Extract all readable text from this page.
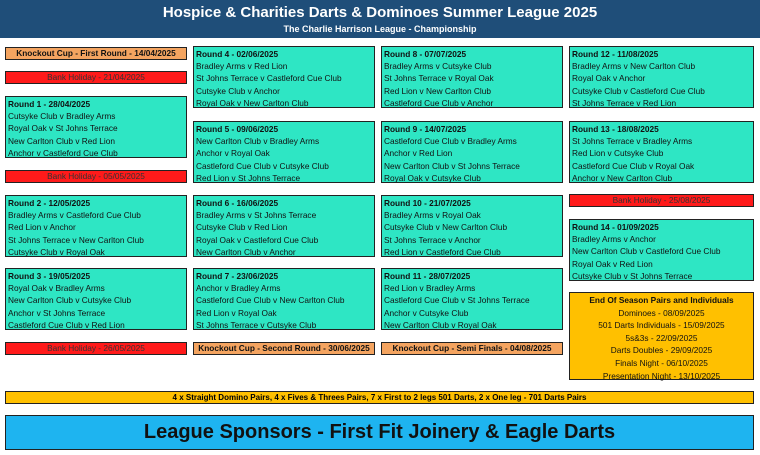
Hospice & Charities Darts & Dominoes Summer League 2025
The Charlie Harrison League - Championship
Knockout Cup - First Round - 14/04/2025
Bank Holiday - 21/04/2025
Round 1 - 28/04/2025
Cutsyke Club v Bradley Arms
Royal Oak v St Johns Terrace
New Carlton Club v Red Lion
Anchor v Castleford Cue Club
Bank Holiday - 05/05/2025
Round 2 - 12/05/2025
Bradley Arms v Castleford Cue Club
Red Lion v Anchor
St Johns Terrace v New Carlton Club
Cutsyke Club v Royal Oak
Round 3 - 19/05/2025
Royal Oak v Bradley Arms
New Carlton Club v Cutsyke Club
Anchor v St Johns Terrace
Castleford Cue Club v Red Lion
Bank Holiday - 26/05/2025
Round 4 - 02/06/2025
Bradley Arms v Red Lion
St Johns Terrace v Castleford Cue Club
Cutsyke Club v Anchor
Royal Oak v New Carlton Club
Round 5 - 09/06/2025
New Carlton Club v Bradley Arms
Anchor v Royal Oak
Castleford Cue Club v Cutsyke Club
Red Lion v St Johns Terrace
Round 6 - 16/06/2025
Bradley Arms v St Johns Terrace
Cutsyke Club v Red Lion
Royal Oak v Castleford Cue Club
New Carlton Club v Anchor
Round 7 - 23/06/2025
Anchor v Bradley Arms
Castleford Cue Club v New Carlton Club
Red Lion v Royal Oak
St Johns Terrace v Cutsyke Club
Knockout Cup - Second Round - 30/06/2025
Round 8 - 07/07/2025
Bradley Arms v Cutsyke Club
St Johns Terrace v Royal Oak
Red Lion v New Carlton Club
Castleford Cue Club v Anchor
Round 9 - 14/07/2025
Castleford Cue Club v Bradley Arms
Anchor v Red Lion
New Carlton Club v St Johns Terrace
Royal Oak v Cutsyke Club
Round 10 - 21/07/2025
Bradley Arms v Royal Oak
Cutsyke Club v New Carlton Club
St Johns Terrace v Anchor
Red Lion v Castleford Cue Club
Round 11 - 28/07/2025
Red Lion v Bradley Arms
Castleford Cue Club v St Johns Terrace
Anchor v Cutsyke Club
New Carlton Club v Royal Oak
Knockout Cup - Semi Finals - 04/08/2025
Round 12 - 11/08/2025
Bradley Arms v New Carlton Club
Royal Oak v Anchor
Cutsyke Club v Castleford Cue Club
St Johns Terrace v Red Lion
Round 13 - 18/08/2025
St Johns Terrace v Bradley Arms
Red Lion v Cutsyke Club
Castleford Cue Club v Royal Oak
Anchor v New Carlton Club
Bank Holiday - 25/08/2025
Round 14 - 01/09/2025
Bradley Arms v Anchor
New Carlton Club v Castleford Cue Club
Royal Oak v Red Lion
Cutsyke Club v St Johns Terrace
End Of Season Pairs and Individuals
Dominoes - 08/09/2025
501 Darts Individuals - 15/09/2025
5s&3s - 22/09/2025
Darts Doubles - 29/09/2025
Finals Night - 06/10/2025
Presentation Night - 13/10/2025
4 x Straight Domino Pairs, 4 x Fives & Threes Pairs, 7 x First to 2 legs 501 Darts, 2 x One leg - 701 Darts Pairs
League Sponsors - First Fit Joinery & Eagle Darts
